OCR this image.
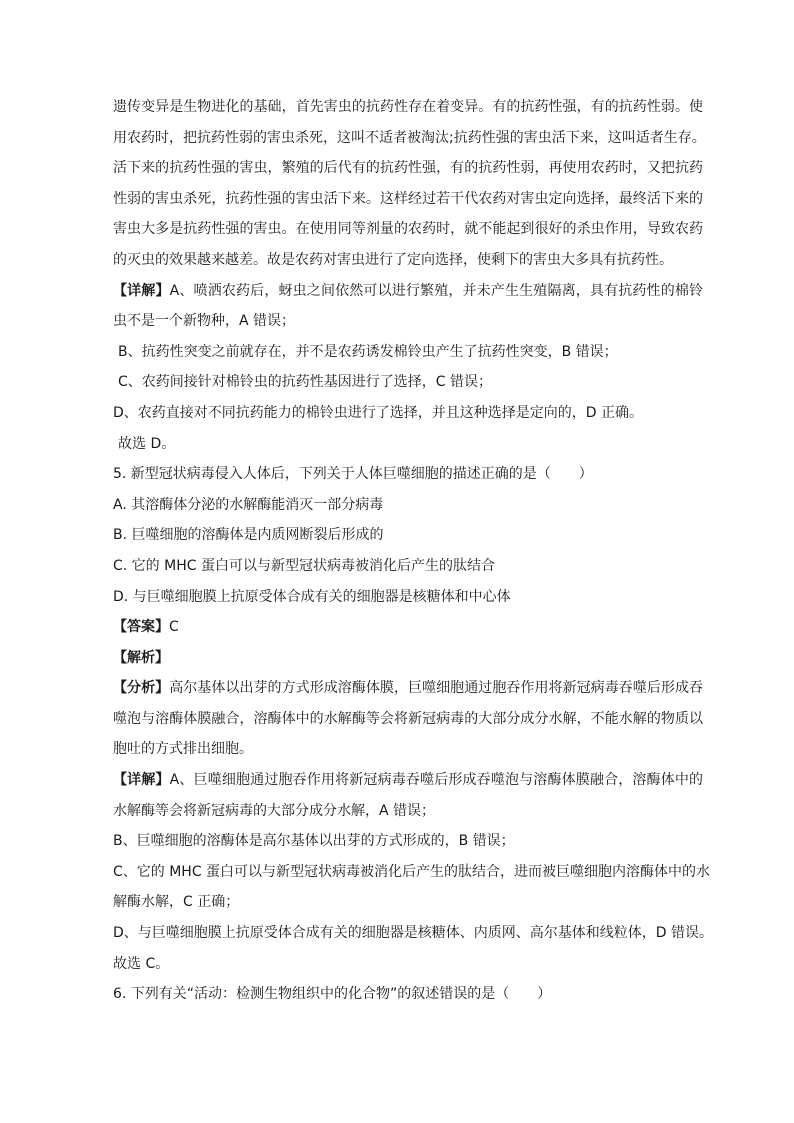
遗传变异是生物进化的基础，首先害虫的抗药性存在着变异。有的抗药性强，有的抗药性弱。使
用农药时，把抗药性弱的害虫杀死，这叫不适者被淘汰;抗药性强的害虫活下来，这叫适者生存。
活下来的抗药性强的害虫，繁殖的后代有的抗药性强，有的抗药性弱，再使用农药时，又把抗药
性弱的害虫杀死，抗药性强的害虫活下来。这样经过若干代农药对害虫定向选择，最终活下来的
害虫大多是抗药性强的害虫。在使用同等剂量的农药时，就不能起到很好的杀虫作用，导致农药
的灭虫的效果越来越差。故是农药对害虫进行了定向选择，使剩下的害虫大多具有抗药性。
【详解】A、喷洒农药后，蚜虫之间依然可以进行繁殖，并未产生生殖隔离，具有抗药性的棉铃
虫不是一个新物种，A 错误；
B、抗药性突变之前就存在，并不是农药诱发棉铃虫产生了抗药性突变，B 错误；
C、农药间接针对棉铃虫的抗药性基因进行了选择，C 错误；
D、农药直接对不同抗药能力的棉铃虫进行了选择，并且这种选择是定向的，D 正确。
故选 D。
5. 新型冠状病毒侵入人体后，下列关于人体巨噬细胞的描述正确的是（　　）
A. 其溶酶体分泌的水解酶能消灭一部分病毒
B. 巨噬细胞的溶酶体是内质网断裂后形成的
C. 它的 MHC 蛋白可以与新型冠状病毒被消化后产生的肽结合
D. 与巨噬细胞膜上抗原受体合成有关的细胞器是核糖体和中心体
【答案】C
【解析】
【分析】高尔基体以出芽的方式形成溶酶体膜，巨噬细胞通过胞吞作用将新冠病毒吞噬后形成吞
噬泡与溶酶体膜融合，溶酶体中的水解酶等会将新冠病毒的大部分成分水解，不能水解的物质以
胞吐的方式排出细胞。
【详解】A、巨噬细胞通过胞吞作用将新冠病毒吞噬后形成吞噬泡与溶酶体膜融合，溶酶体中的
水解酶等会将新冠病毒的大部分成分水解，A 错误；
B、巨噬细胞的溶酶体是高尔基体以出芽的方式形成的，B 错误；
C、它的 MHC 蛋白可以与新型冠状病毒被消化后产生的肽结合，进而被巨噬细胞内溶酶体中的水
解酶水解，C 正确；
D、与巨噬细胞膜上抗原受体合成有关的细胞器是核糖体、内质网、高尔基体和线粒体，D 错误。
故选 C。
6. 下列有关“活动：检测生物组织中的化合物”的叙述错误的是（　　）
